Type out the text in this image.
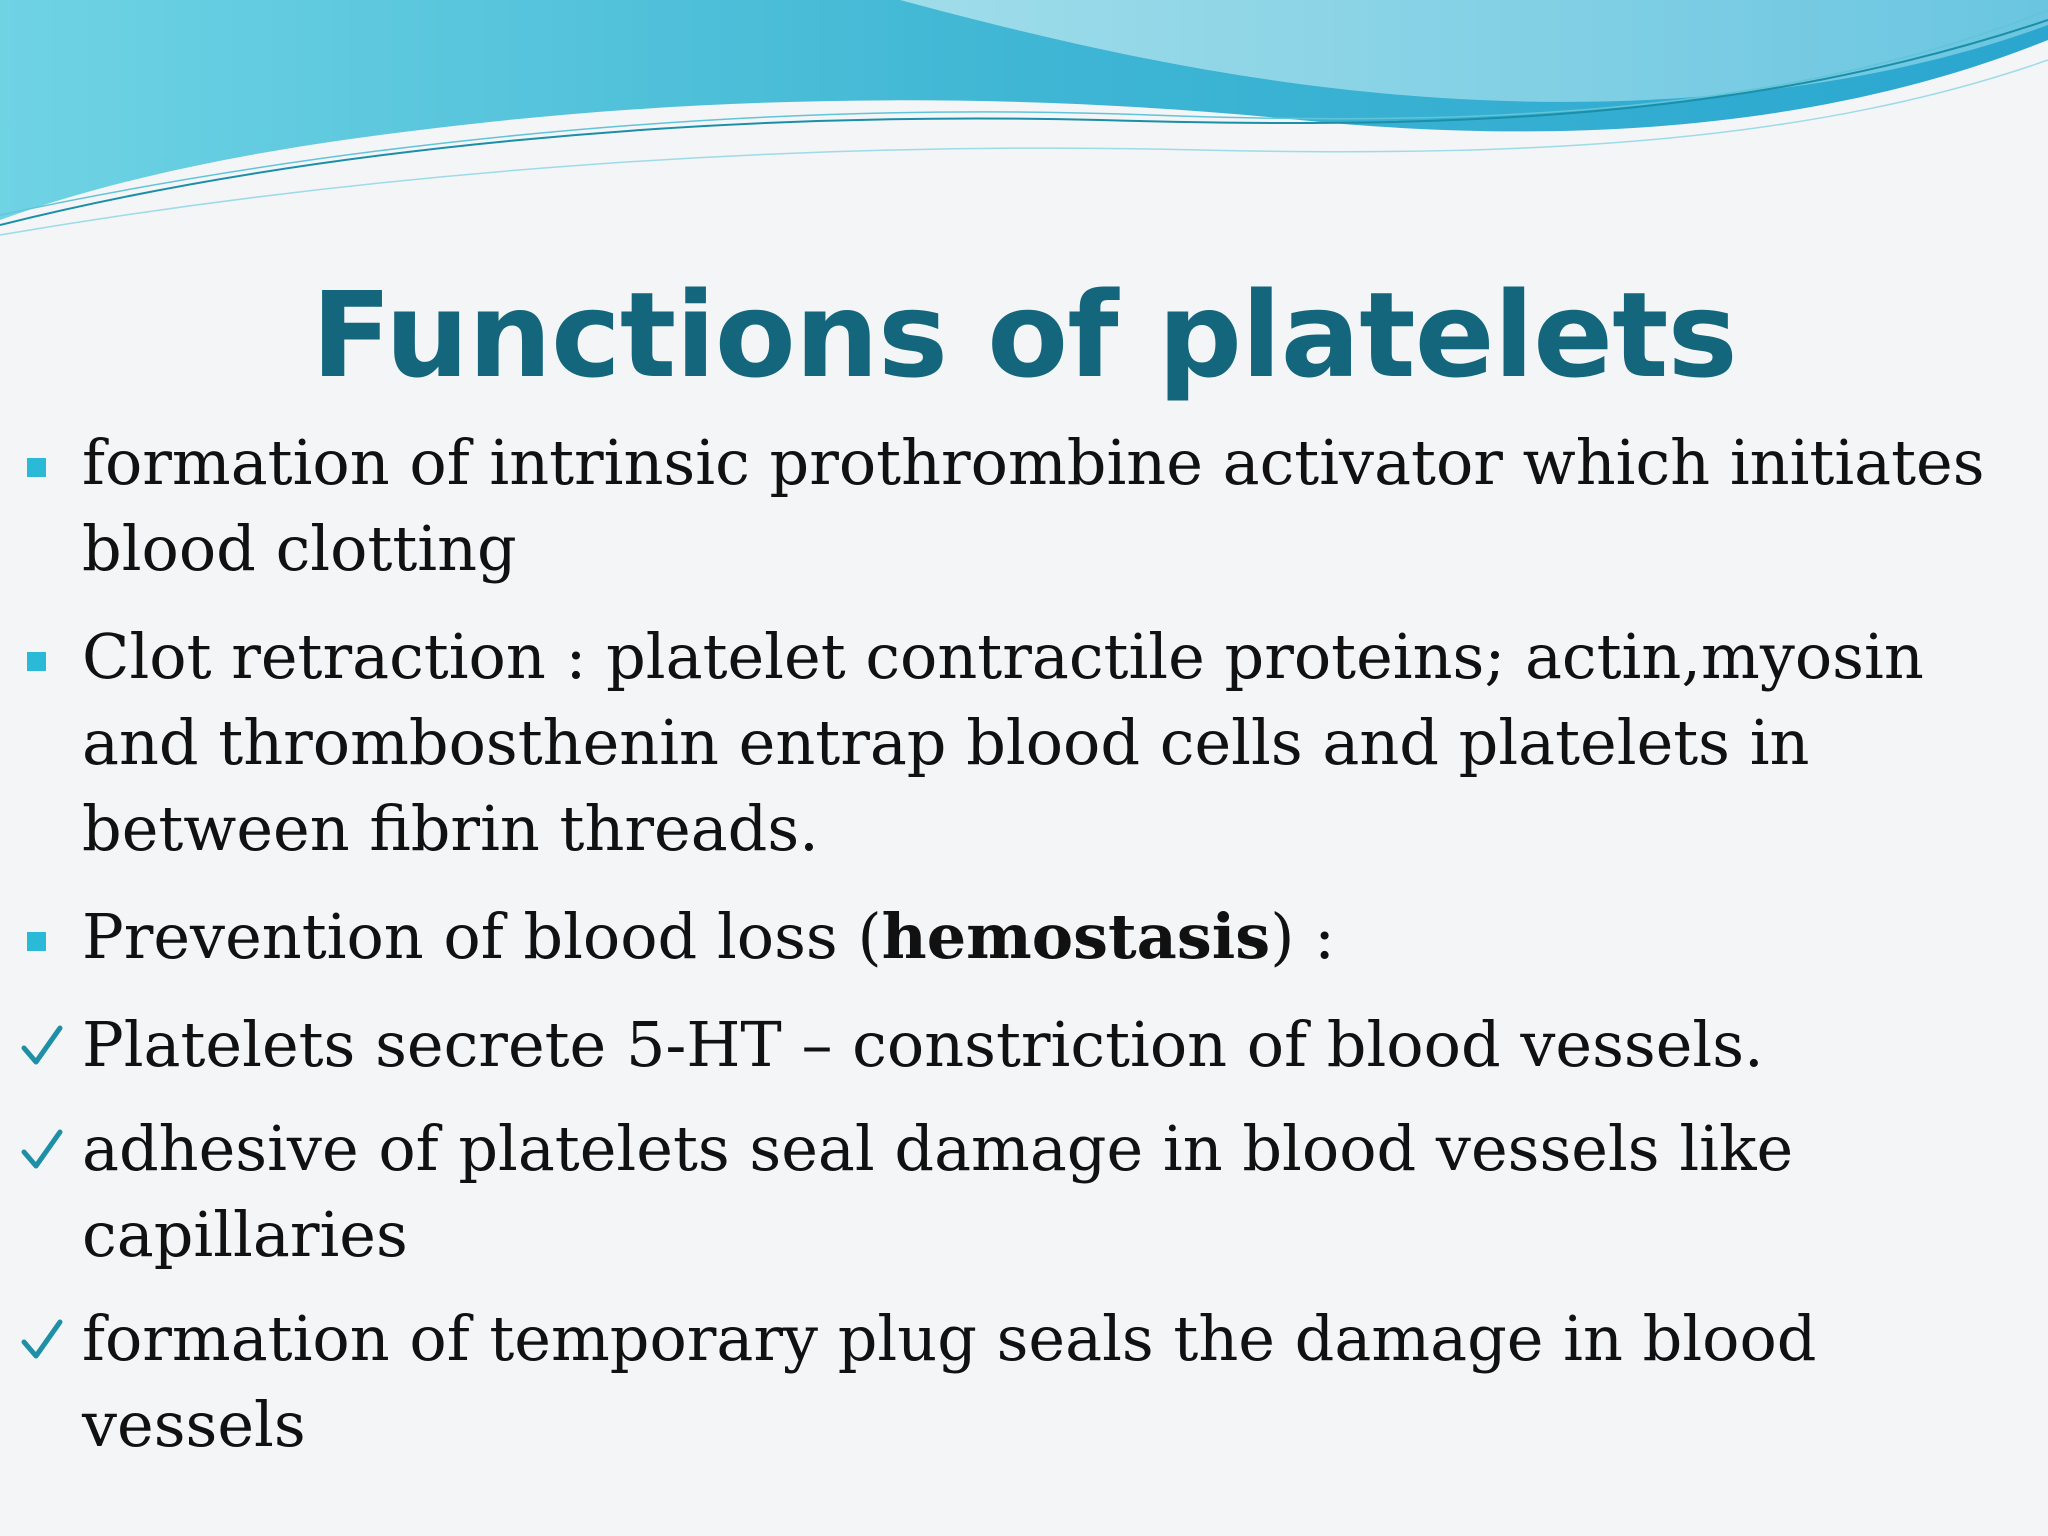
Functions of platelets
formation of intrinsic prothrombine activator which initiates blood clotting
Clot retraction : platelet contractile proteins; actin,myosin and thrombosthenin entrap blood cells and platelets in between fibrin threads.
Prevention of blood loss (hemostasis) :
Platelets secrete 5-HT – constriction of blood vessels.
adhesive of platelets seal damage in blood vessels like capillaries
formation of temporary plug seals the damage in blood vessels
